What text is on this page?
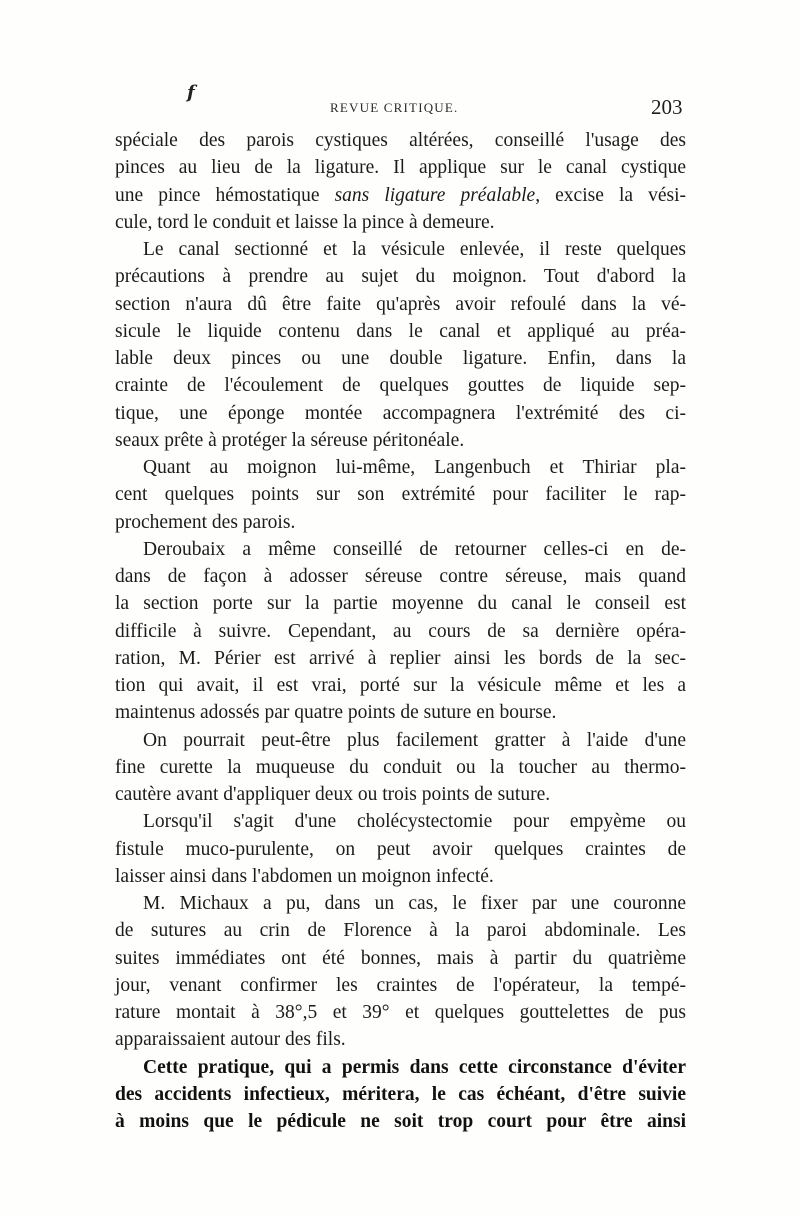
f
REVUE CRITIQUE.	203
spéciale des parois cystiques altérées, conseillé l'usage des
pinces au lieu de la ligature. Il applique sur le canal cystique
une pince hémostatique sans ligature préalable, excise la vési-
cule, tord le conduit et laisse la pince à demeure.
Le canal sectionné et la vésicule enlevée, il reste quelques
précautions à prendre au sujet du moignon. Tout d'abord la
section n'aura dû être faite qu'après avoir refoulé dans la vé-
sicule le liquide contenu dans le canal et appliqué au préa-
lable deux pinces ou une double ligature. Enfin, dans la
crainte de l'écoulement de quelques gouttes de liquide sep-
tique, une éponge montée accompagnera l'extrémité des ci-
seaux prête à protéger la séreuse péritonéale.
Quant au moignon lui-même, Langenbuch et Thiriar pla-
cent quelques points sur son extrémité pour faciliter le rap-
prochement des parois.
Deroubaix a même conseillé de retourner celles-ci en de-
dans de façon à adosser séreuse contre séreuse, mais quand
la section porte sur la partie moyenne du canal le conseil est
difficile à suivre. Cependant, au cours de sa dernière opéra-
ration, M. Périer est arrivé à replier ainsi les bords de la sec-
tion qui avait, il est vrai, porté sur la vésicule même et les a
maintenus adossés par quatre points de suture en bourse.
On pourrait peut-être plus facilement gratter à l'aide d'une
fine curette la muqueuse du conduit ou la toucher au thermo-
cautère avant d'appliquer deux ou trois points de suture.
Lorsqu'il s'agit d'une cholécystectomie pour empyème ou
fistule muco-purulente, on peut avoir quelques craintes de
laisser ainsi dans l'abdomen un moignon infecté.
M. Michaux a pu, dans un cas, le fixer par une couronne
de sutures au crin de Florence à la paroi abdominale. Les
suites immédiates ont été bonnes, mais à partir du quatrième
jour, venant confirmer les craintes de l'opérateur, la tempé-
rature montait à 38°,5 et 39° et quelques gouttelettes de pus
apparaissaient autour des fils.
Cette pratique, qui a permis dans cette circonstance d'éviter
des accidents infectieux, méritera, le cas échéant, d'être suivie
à moins que le pédicule ne soit trop court pour être ainsi
